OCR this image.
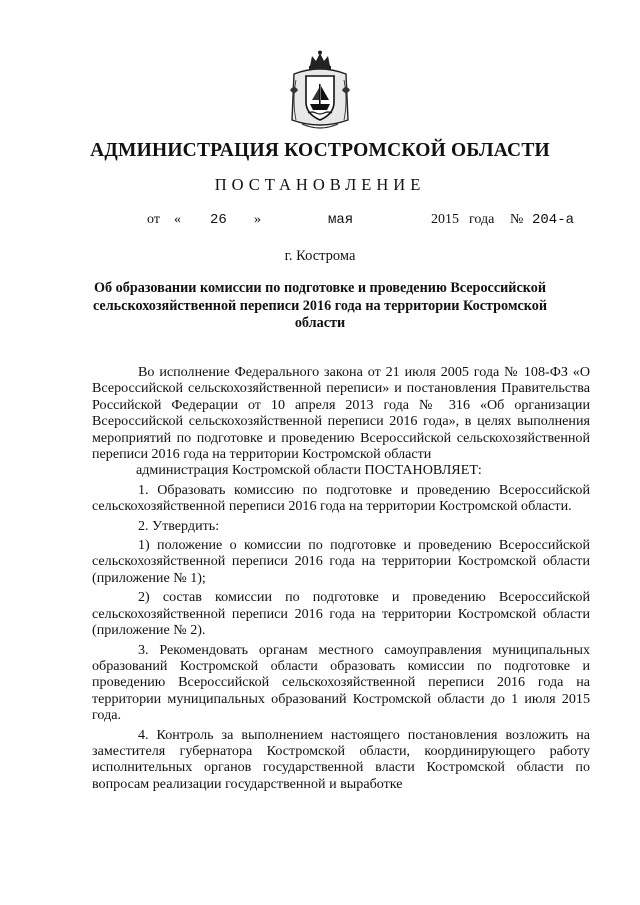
АДМИНИСТРАЦИЯ КОСТРОМСКОЙ ОБЛАСТИ
ПОСТАНОВЛЕНИЕ
от « 26 »	мая	2015 года № 204-а
г. Кострома
Об образовании комиссии по подготовке и проведению Всероссийской сельскохозяйственной переписи 2016 года на территории Костромской области

Во исполнение Федерального закона от 21 июля 2005 года № 108-ФЗ «О Всероссийской сельскохозяйственной переписи» и постановления Правительства Российской Федерации от 10 апреля 2013 года № 316 «Об организации Всероссийской сельскохозяйственной переписи 2016 года», в целях выполнения мероприятий по подготовке и проведению Всероссийской сельскохозяйственной переписи 2016 года на территории Костромской области

администрация Костромской области ПОСТАНОВЛЯЕТ:

1. Образовать комиссию по подготовке и проведению Всероссийской сельскохозяйственной переписи 2016 года на территории Костромской области.

2. Утвердить:

1) положение о комиссии по подготовке и проведению Всероссийской сельскохозяйственной переписи 2016 года на территории Костромской области (приложение № 1);

2) состав комиссии по подготовке и проведению Всероссийской сельскохозяйственной переписи 2016 года на территории Костромской области (приложение № 2).

3. Рекомендовать органам местного самоуправления муниципальных образований Костромской области образовать комиссии по подготовке и проведению Всероссийской сельскохозяйственной переписи 2016 года на территории муниципальных образований Костромской области до 1 июля 2015 года.

4. Контроль за выполнением настоящего постановления возложить на заместителя губернатора Костромской области, координирующего работу исполнительных органов государственной власти Костромской области по вопросам реализации государственной и выработке
